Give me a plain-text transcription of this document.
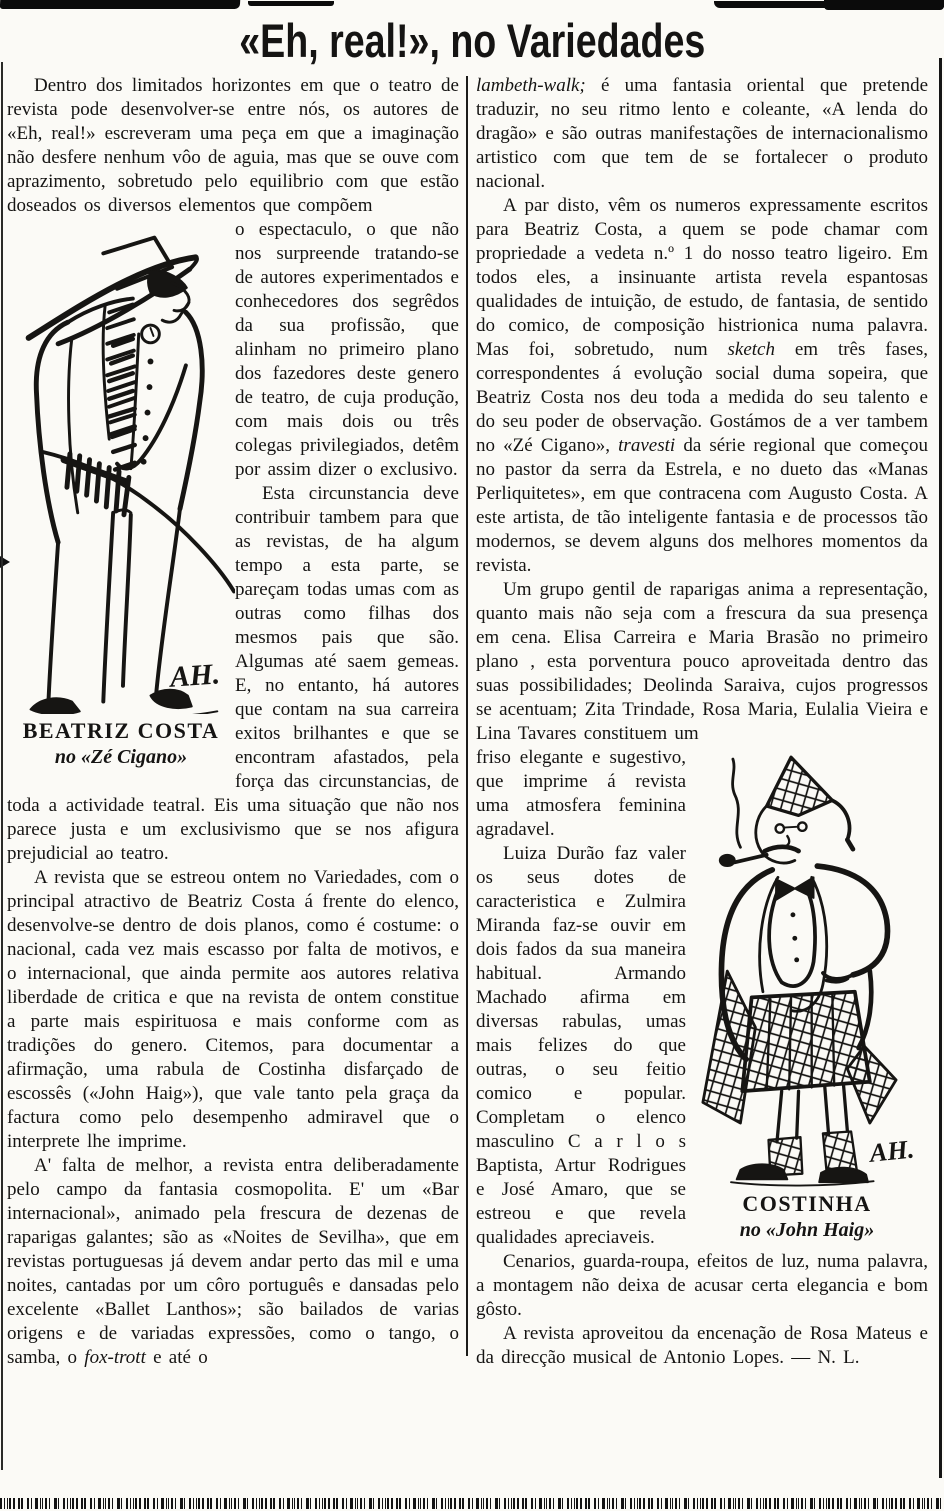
«Eh, real!», no Variedades

Dentro dos limitados horizontes em que o teatro de revista pode desenvolver-se entre nós, os autores de «Eh, real!» escreveram uma peça em que a imaginação não desfere nenhum vôo de aguia, mas que se ouve com aprazimento, sobretudo pelo equilibrio com que estão doseados os diversos elementos que compõem

AH.
BEATRIZ COSTA
no «Zé Cigano»

o espectaculo, o que não nos surpreende tratando-se de autores experimentados e conhecedores dos segrêdos da sua profissão, que alinham no primeiro plano dos fazedores deste genero de teatro, de cuja produção, com mais dois ou três colegas privilegiados, detêm por assim dizer o exclusivo.

Esta circunstancia deve contribuir tambem para que as revistas, de ha algum tempo a esta parte, se pareçam todas umas com as outras como filhas dos mesmos pais que são. Algumas até saem gemeas. E, no entanto, há autores que contam na sua carreira exitos brilhantes e que se encontram afastados, pela força das circunstancias, de toda a actividade teatral. Eis uma situação que não nos parece justa e um exclusivismo que se nos afigura prejudicial ao teatro.

A revista que se estreou ontem no Variedades, com o principal atractivo de Beatriz Costa á frente do elenco, desenvolve-se dentro de dois planos, como é costume: o nacional, cada vez mais escasso por falta de motivos, e o internacional, que ainda permite aos autores relativa liberdade de critica e que na revista de ontem constitue a parte mais espirituosa e mais conforme com as tradições do genero. Citemos, para documentar a afirmação, uma rabula de Costinha disfarçado de escossês («John Haig»), que vale tanto pela graça da factura como pelo desempenho admiravel que o interprete lhe imprime.

A' falta de melhor, a revista entra deliberadamente pelo campo da fantasia cosmopolita. E' um «Bar internacional», animado pela frescura de dezenas de raparigas galantes; são as «Noites de Sevilha», que em revistas portuguesas já devem andar perto das mil e uma noites, cantadas por um côro português e dansadas pelo excelente «Ballet Lanthos»; são bailados de varias origens e de variadas expressões, como o tango, o samba, o fox-trott e até o

lambeth-walk; é uma fantasia oriental que pretende traduzir, no seu ritmo lento e coleante, «A lenda do dragão» e são outras manifestações de internacionalismo artistico com que tem de se fortalecer o produto nacional.

A par disto, vêm os numeros expressamente escritos para Beatriz Costa, a quem se pode chamar com propriedade a vedeta n.º 1 do nosso teatro ligeiro. Em todos eles, a insinuante artista revela espantosas qualidades de intuição, de estudo, de fantasia, de sentido do comico, de composição histrionica numa palavra. Mas foi, sobretudo, num sketch em três fases, correspondentes á evolução social duma sopeira, que Beatriz Costa nos deu toda a medida do seu talento e do seu poder de observação. Gostámos de a ver tambem no «Zé Cigano», travesti da série regional que começou no pastor da serra da Estrela, e no dueto das «Manas Perliquitetes», em que contracena com Augusto Costa. A este artista, de tão inteligente fantasia e de processos tão modernos, se devem alguns dos melhores momentos da revista.

Um grupo gentil de raparigas anima a representação, quanto mais não seja com a frescura da sua presença em cena. Elisa Carreira e Maria Brasão no primeiro plano , esta porventura pouco aproveitada dentro das suas possibilidades; Deolinda Saraiva, cujos progressos se acentuam; Zita Trindade, Rosa Maria, Eulalia Vieira e Lina Tavares constituem um

AH.
COSTINHA
no «John Haig»

friso elegante e sugestivo, que imprime á revista uma atmosfera feminina agradavel.

Luiza Durão faz valer os seus dotes de caracteristica e Zulmira Miranda faz-se ouvir em dois fados da sua maneira habitual. Armando Machado afirma em diversas rabulas, umas mais felizes do que outras, o seu feitio comico e popular. Completam o elenco masculino C a r l o s Baptista, Artur Rodrigues e José Amaro, que se estreou e que revela qualidades apreciaveis.

Cenarios, guarda-roupa, efeitos de luz, numa palavra, a montagem não deixa de acusar certa elegancia e bom gôsto.

A revista aproveitou da encenação de Rosa Mateus e da direcção musical de Antonio Lopes. — N. L.
